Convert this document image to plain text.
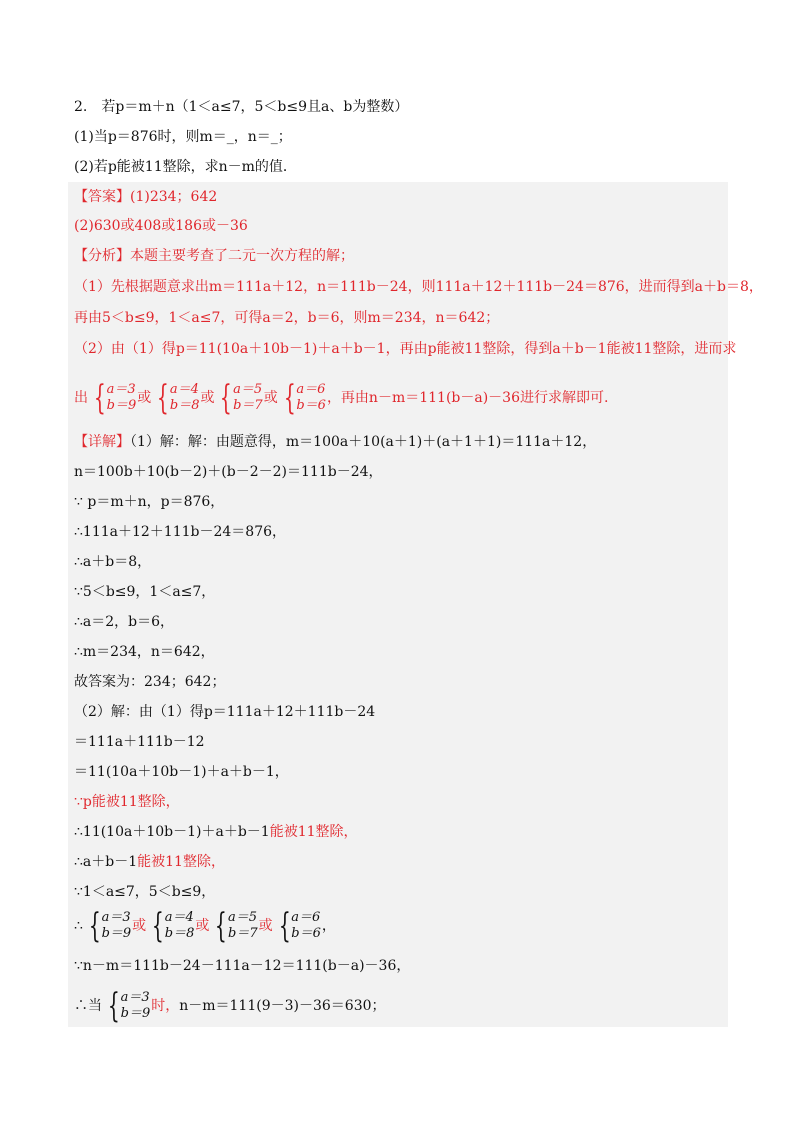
2.　若p＝m＋n（1＜a≤7，5＜b≤9且a、b为整数）
(1)当p＝876时，则m＝_，n＝_；
(2)若p能被11整除，求n－m的值．
【答案】(1)234；642
(2)630或408或186或－36
【分析】本题主要考查了二元一次方程的解；
（1）先根据题意求出m＝111a＋12，n＝111b－24，则111a＋12＋111b－24＝876，进而得到a＋b＝8，
再由5＜b≤9，1＜a≤7，可得a＝2，b＝6，则m＝234，n＝642；
（2）由（1）得p＝11(10a＋10b－1)＋a＋b－1，再由p能被11整除，得到a＋b－1能被11整除，进而求
出 { a＝3
b＝9 或 { a＝4
b＝8 或 { a＝5
b＝7 或 { a＝6
b＝6 ，再由n－m＝111(b－a)－36进行求解即可.
【详解】（1）解：解：由题意得，m＝100a＋10(a＋1)＋(a＋1＋1)＝111a＋12，
n＝100b＋10(b－2)＋(b－2－2)＝111b－24，
∵ p＝m＋n，p＝876，
∴111a＋12＋111b－24＝876，
∴a＋b＝8，
∵5＜b≤9，1＜a≤7，
∴a＝2，b＝6，
∴m＝234，n＝642，
故答案为：234；642；
（2）解：由（1）得p＝111a＋12＋111b－24
＝111a＋111b－12
＝11(10a＋10b－1)＋a＋b－1，
∵p能被11整除，
∴11(10a＋10b－1)＋a＋b－1能被11整除，
∴a＋b－1能被11整除，
∵1＜a≤7，5＜b≤9，
∴ { a＝3
b＝9 或 { a＝4
b＝8 或 { a＝5
b＝7 或 { a＝6
b＝6 ，
∵n－m＝111b－24－111a－12＝111(b－a)－36，
∴当 { a＝3
b＝9 时， n－m＝111(9－3)－36＝630；
